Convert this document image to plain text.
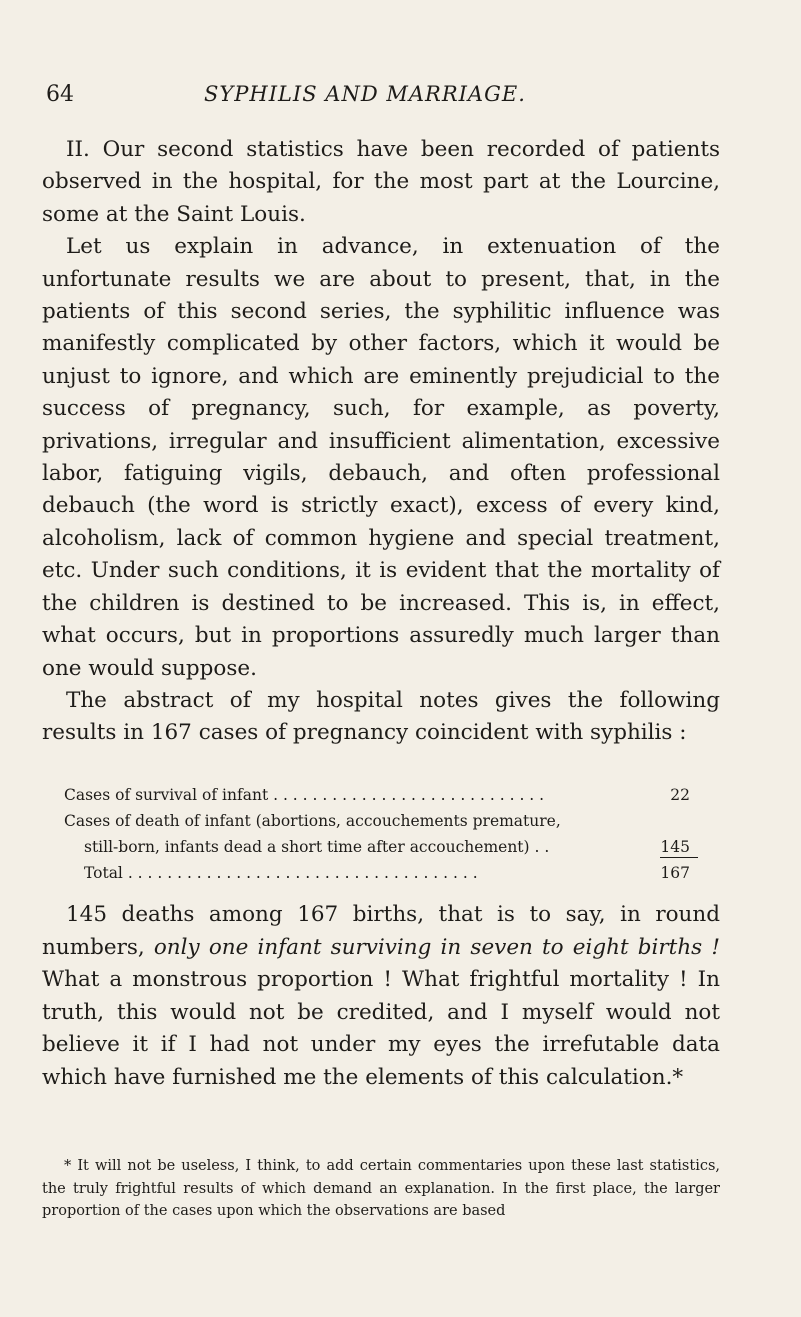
64	SYPHILIS AND MARRIAGE.

II. Our second statistics have been recorded of patients observed in the hospital, for the most part at the Lourcine, some at the Saint Louis.

Let us explain in advance, in extenuation of the unfortunate results we are about to present, that, in the patients of this second series, the syphilitic influence was manifestly complicated by other factors, which it would be unjust to ignore, and which are eminently prejudicial to the success of pregnancy, such, for example, as poverty, privations, irregular and insufficient alimentation, excessive labor, fatiguing vigils, debauch, and often professional debauch (the word is strictly exact), excess of every kind, alcoholism, lack of common hygiene and special treatment, etc. Under such conditions, it is evident that the mortality of the children is destined to be increased. This is, in effect, what occurs, but in proportions assuredly much larger than one would suppose.

The abstract of my hospital notes gives the following results in 167 cases of pregnancy coincident with syphilis :

Cases of survival of infant . . . . . . . . . . . . . . . . . . . . . . . . . . . .	22
Cases of death of infant (abortions, accouchements premature,
still-born, infants dead a short time after accouchement) . .	145
Total . . . . . . . . . . . . . . . . . . . . . . . . . . . . . . . . . . . .	167

145 deaths among 167 births, that is to say, in round numbers, only one infant surviving in seven to eight births ! What a monstrous proportion ! What frightful mortality ! In truth, this would not be credited, and I myself would not believe it if I had not under my eyes the irrefutable data which have furnished me the elements of this calculation.*

* It will not be useless, I think, to add certain commentaries upon these last statistics, the truly frightful results of which demand an explanation. In the first place, the larger proportion of the cases upon which the observations are based
